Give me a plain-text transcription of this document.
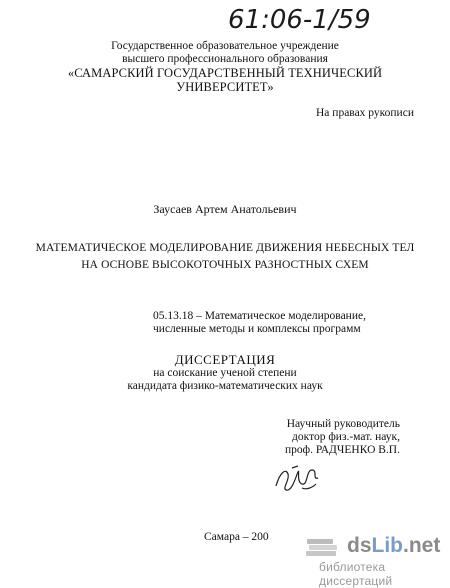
61:06-1/59
Государственное образовательное учреждение
высшего профессионального образования
«САМАРСКИЙ ГОСУДАРСТВЕННЫЙ ТЕХНИЧЕСКИЙ
УНИВЕРСИТЕТ»
На правах рукописи
Заусаев Артем Анатольевич
МАТЕМАТИЧЕСКОЕ МОДЕЛИРОВАНИЕ ДВИЖЕНИЯ НЕБЕСНЫХ ТЕЛ
НА ОСНОВЕ ВЫСОКОТОЧНЫХ РАЗНОСТНЫХ СХЕМ
05.13.18 – Математическое моделирование,
численные методы и комплексы программ
ДИССЕРТАЦИЯ
на соискание ученой степени
кандидата физико-математических наук
Научный руководитель
доктор физ.-мат. наук,
проф. РАДЧЕНКО В.П.
Самара – 200	dsLib.net
библиотека диссертаций
